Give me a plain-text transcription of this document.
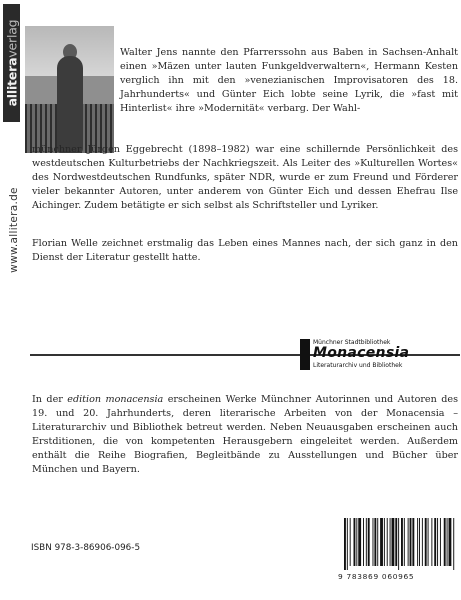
alliteraverlag
www.allitera.de
Walter Jens nannte den Pfarrerssohn aus Baben in Sachsen-Anhalt einen »Mäzen unter lauten Funkgeldverwaltern«, Hermann Kesten verglich ihn mit den »venezianischen Improvisatoren des 18. Jahrhunderts« und Günter Eich lobte seine Lyrik, die »fast mit Hinterlist« ihre »Modernität« verbarg. Der Wahl-
münchner Jürgen Eggebrecht (1898–1982) war eine schillernde Persönlichkeit des westdeutschen Kulturbetriebs der Nachkriegszeit. Als Leiter des »Kulturellen Wortes« des Nordwestdeutschen Rundfunks, später NDR, wurde er zum Freund und Förderer vieler bekannter Autoren, unter anderem von Günter Eich und dessen Ehefrau Ilse Aichinger. Zudem betätigte er sich selbst als Schriftsteller und Lyriker.
Florian Welle zeichnet erstmalig das Leben eines Mannes nach, der sich ganz in den Dienst der Literatur gestellt hatte.
Münchner Stadtbibliothek
Monacensia
Literaturarchiv und Bibliothek
In der edition monacensia erscheinen Werke Münchner Autorinnen und Autoren des 19. und 20. Jahrhunderts, deren literarische Arbeiten von der Monacensia – Literaturarchiv und Bibliothek betreut werden. Neben Neuausgaben erscheinen auch Erstditionen, die von kompetenten Herausgebern eingeleitet werden. Außerdem enthält die Reihe Biografien, Begleitbände zu Ausstellungen und Bücher über München und Bayern.
ISBN 978-3-86906-096-5
9 783869 060965
